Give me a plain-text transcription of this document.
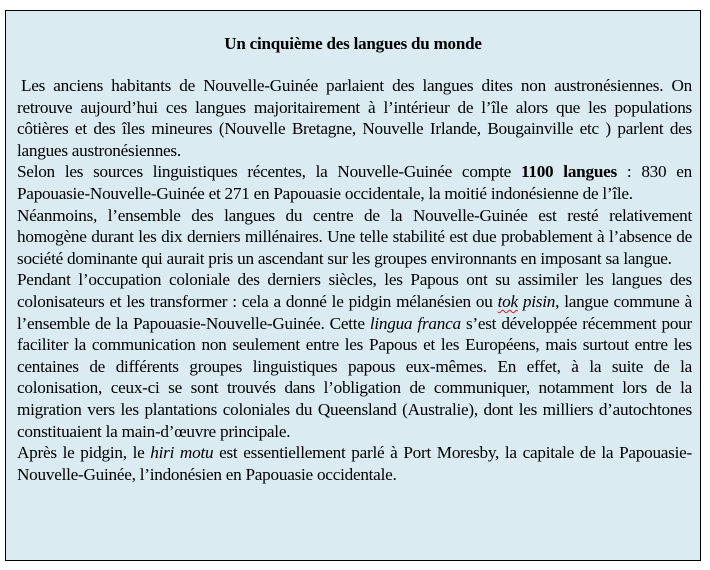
Un cinquième des langues du monde

Les anciens habitants de Nouvelle-Guinée parlaient des langues dites non austronésiennes. On retrouve aujourd’hui ces langues majoritairement à l’intérieur de l’île alors que les populations côtières et des îles mineures (Nouvelle Bretagne, Nouvelle Irlande, Bougainville etc ) parlent des langues austronésiennes.

Selon les sources linguistiques récentes, la Nouvelle-Guinée compte 1100 langues : 830 en Papouasie-Nouvelle-Guinée et 271 en Papouasie occidentale, la moitié indonésienne de l’île.

Néanmoins, l’ensemble des langues du centre de la Nouvelle-Guinée est resté relativement homogène durant les dix derniers millénaires. Une telle stabilité est due probablement à l’absence de société dominante qui aurait pris un ascendant sur les groupes environnants en imposant sa langue.

Pendant l’occupation coloniale des derniers siècles, les Papous ont su assimiler les langues des colonisateurs et les transformer : cela a donné le pidgin mélanésien ou tok pisin, langue commune à l’ensemble de la Papouasie-Nouvelle-Guinée. Cette lingua franca s’est développée récemment pour faciliter la communication non seulement entre les Papous et les Européens, mais surtout entre les centaines de différents groupes linguistiques papous eux-mêmes. En effet, à la suite de la colonisation, ceux-ci se sont trouvés dans l’obligation de communiquer, notamment lors de la migration vers les plantations coloniales du Queensland (Australie), dont les milliers d’autochtones constituaient la main-d’œuvre principale.

Après le pidgin, le hiri motu est essentiellement parlé à Port Moresby, la capitale de la Papouasie-Nouvelle-Guinée, l’indonésien en Papouasie occidentale.
